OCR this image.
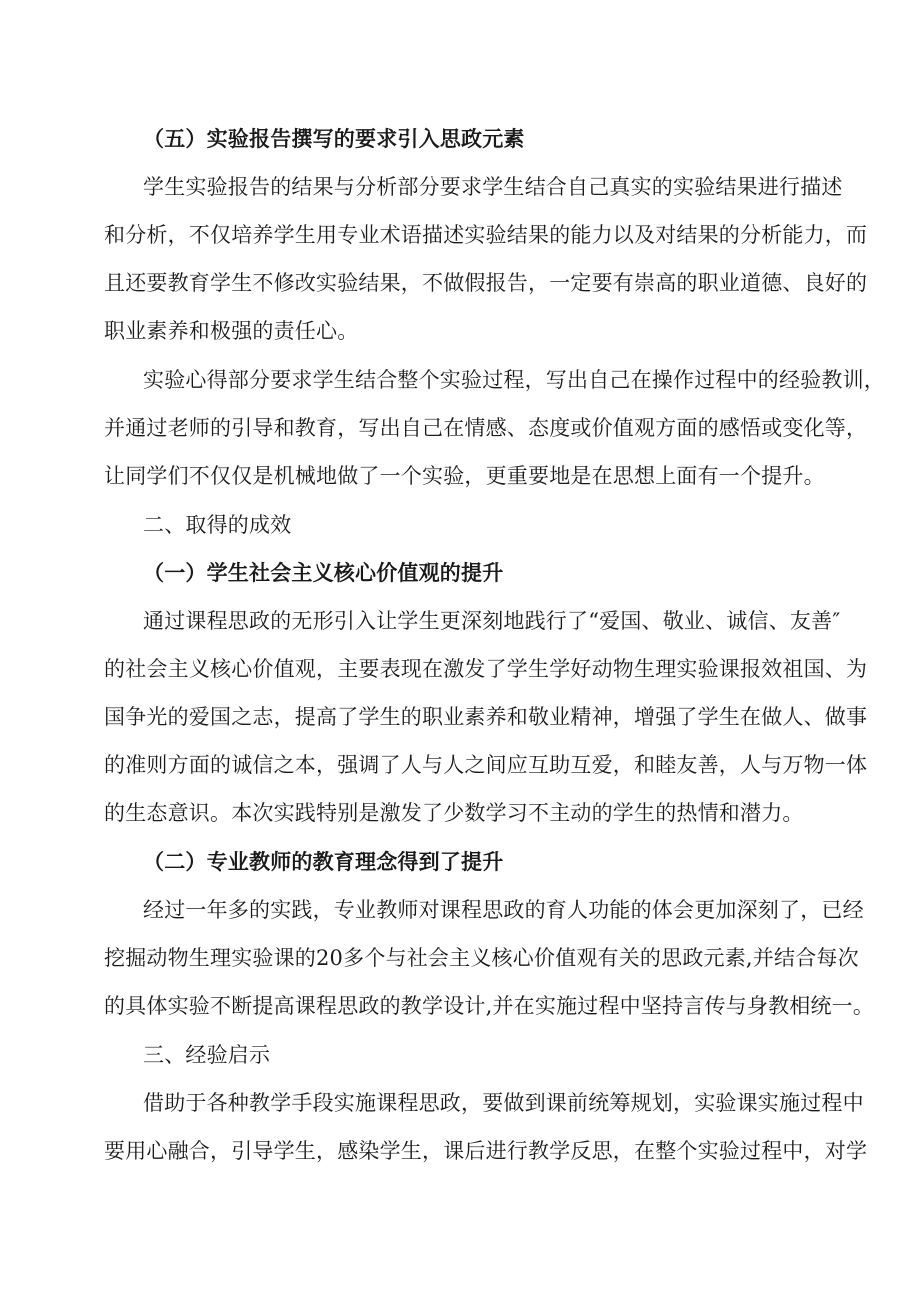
（五）实验报告撰写的要求引入思政元素

学生实验报告的结果与分析部分要求学生结合自己真实的实验结果进行描述

和分析，不仅培养学生用专业术语描述实验结果的能力以及对结果的分析能力，而

且还要教育学生不修改实验结果，不做假报告，一定要有崇高的职业道德、良好的

职业素养和极强的责任心。

实验心得部分要求学生结合整个实验过程，写出自己在操作过程中的经验教训，

并通过老师的引导和教育，写出自己在情感、态度或价值观方面的感悟或变化等，

让同学们不仅仅是机械地做了一个实验，更重要地是在思想上面有一个提升。

二、取得的成效

（一）学生社会主义核心价值观的提升

通过课程思政的无形引入让学生更深刻地践行了“爱国、敬业、诚信、友善″

的社会主义核心价值观，主要表现在激发了学生学好动物生理实验课报效祖国、为

国争光的爱国之志，提高了学生的职业素养和敬业精神，增强了学生在做人、做事

的准则方面的诚信之本，强调了人与人之间应互助互爱，和睦友善，人与万物一体

的生态意识。本次实践特别是激发了少数学习不主动的学生的热情和潜力。

（二）专业教师的教育理念得到了提升

经过一年多的实践，专业教师对课程思政的育人功能的体会更加深刻了，已经

挖掘动物生理实验课的20多个与社会主义核心价值观有关的思政元素,并结合每次

的具体实验不断提高课程思政的教学设计,并在实施过程中坚持言传与身教相统一。

三、经验启示

借助于各种教学手段实施课程思政，要做到课前统筹规划，实验课实施过程中

要用心融合，引导学生，感染学生，课后进行教学反思，在整个实验过程中，对学
